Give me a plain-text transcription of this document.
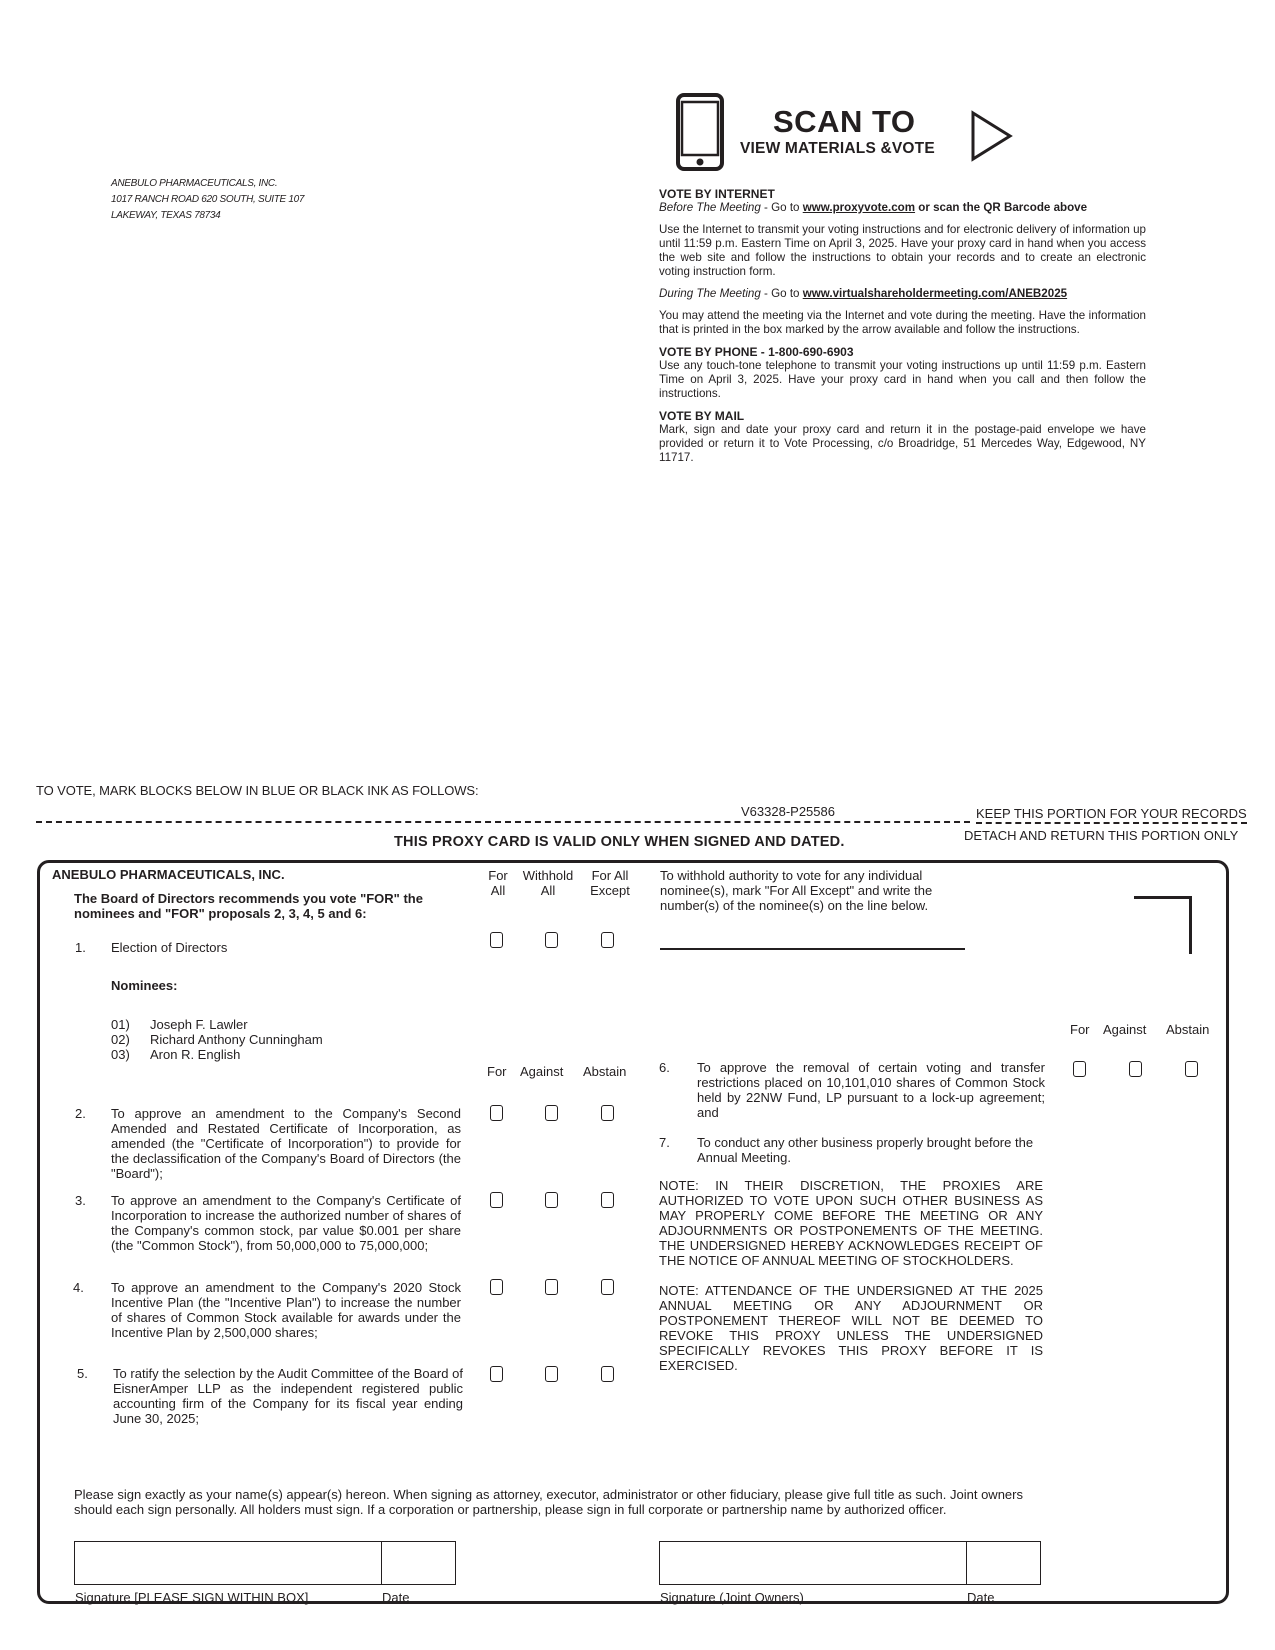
ANEBULO PHARMACEUTICALS, INC.
1017 RANCH ROAD 620 SOUTH, SUITE 107
LAKEWAY, TEXAS 78734
SCAN TO
VIEW MATERIALS &VOTE
VOTE BY INTERNET

Before The Meeting - Go to www.proxyvote.com or scan the QR Barcode above

Use the Internet to transmit your voting instructions and for electronic delivery of information up until 11:59 p.m. Eastern Time on April 3, 2025. Have your proxy card in hand when you access the web site and follow the instructions to obtain your records and to create an electronic voting instruction form.

During The Meeting - Go to www.virtualshareholdermeeting.com/ANEB2025

You may attend the meeting via the Internet and vote during the meeting. Have the information that is printed in the box marked by the arrow available and follow the instructions.

VOTE BY PHONE - 1-800-690-6903

Use any touch-tone telephone to transmit your voting instructions up until 11:59 p.m. Eastern Time on April 3, 2025. Have your proxy card in hand when you call and then follow the instructions.

VOTE BY MAIL

Mark, sign and date your proxy card and return it in the postage-paid envelope we have provided or return it to Vote Processing, c/o Broadridge, 51 Mercedes Way, Edgewood, NY 11717.

TO VOTE, MARK BLOCKS BELOW IN BLUE OR BLACK INK AS FOLLOWS:
V63328-P25586	KEEP THIS PORTION FOR YOUR RECORDS
DETACH AND RETURN THIS PORTION ONLY
THIS PROXY CARD IS VALID ONLY WHEN SIGNED AND DATED.
ANEBULO PHARMACEUTICALS, INC.
The Board of Directors recommends you vote "FOR" the nominees and "FOR" proposals 2, 3, 4, 5 and 6:
For
All
Withhold
All
For All
Except
To withhold authority to vote for any individual nominee(s), mark "For All Except" and write the number(s) of the nominee(s) on the line below.
1. Election of Directors
Nominees:
01) Joseph F. Lawler
02) Richard Anthony Cunningham
03) Aron R. English
For Against Abstain
2. To approve an amendment to the Company's Second Amended and Restated Certificate of Incorporation, as amended (the "Certificate of Incorporation") to provide for the declassification of the Company's Board of Directors (the "Board");
3. To approve an amendment to the Company's Certificate of Incorporation to increase the authorized number of shares of the Company's common stock, par value $0.001 per share (the "Common Stock"), from 50,000,000 to 75,000,000;
4. To approve an amendment to the Company's 2020 Stock Incentive Plan (the "Incentive Plan") to increase the number of shares of Common Stock available for awards under the Incentive Plan by 2,500,000 shares;
5. To ratify the selection by the Audit Committee of the Board of EisnerAmper LLP as the independent registered public accounting firm of the Company for its fiscal year ending June 30, 2025;
For Against Abstain
6. To approve the removal of certain voting and transfer restrictions placed on 10,101,010 shares of Common Stock held by 22NW Fund, LP pursuant to a lock-up agreement; and
7. To conduct any other business properly brought before the Annual Meeting.
NOTE: IN THEIR DISCRETION, THE PROXIES ARE AUTHORIZED TO VOTE UPON SUCH OTHER BUSINESS AS MAY PROPERLY COME BEFORE THE MEETING OR ANY ADJOURNMENTS OR POSTPONEMENTS OF THE MEETING. THE UNDERSIGNED HEREBY ACKNOWLEDGES RECEIPT OF THE NOTICE OF ANNUAL MEETING OF STOCKHOLDERS.
NOTE: ATTENDANCE OF THE UNDERSIGNED AT THE 2025 ANNUAL MEETING OR ANY ADJOURNMENT OR POSTPONEMENT THEREOF WILL NOT BE DEEMED TO REVOKE THIS PROXY UNLESS THE UNDERSIGNED SPECIFICALLY REVOKES THIS PROXY BEFORE IT IS EXERCISED.
Please sign exactly as your name(s) appear(s) hereon. When signing as attorney, executor, administrator or other fiduciary, please give full title as such. Joint owners should each sign personally. All holders must sign. If a corporation or partnership, please sign in full corporate or partnership name by authorized officer.
Signature [PLEASE SIGN WITHIN BOX]	Date	Signature (Joint Owners)	Date
